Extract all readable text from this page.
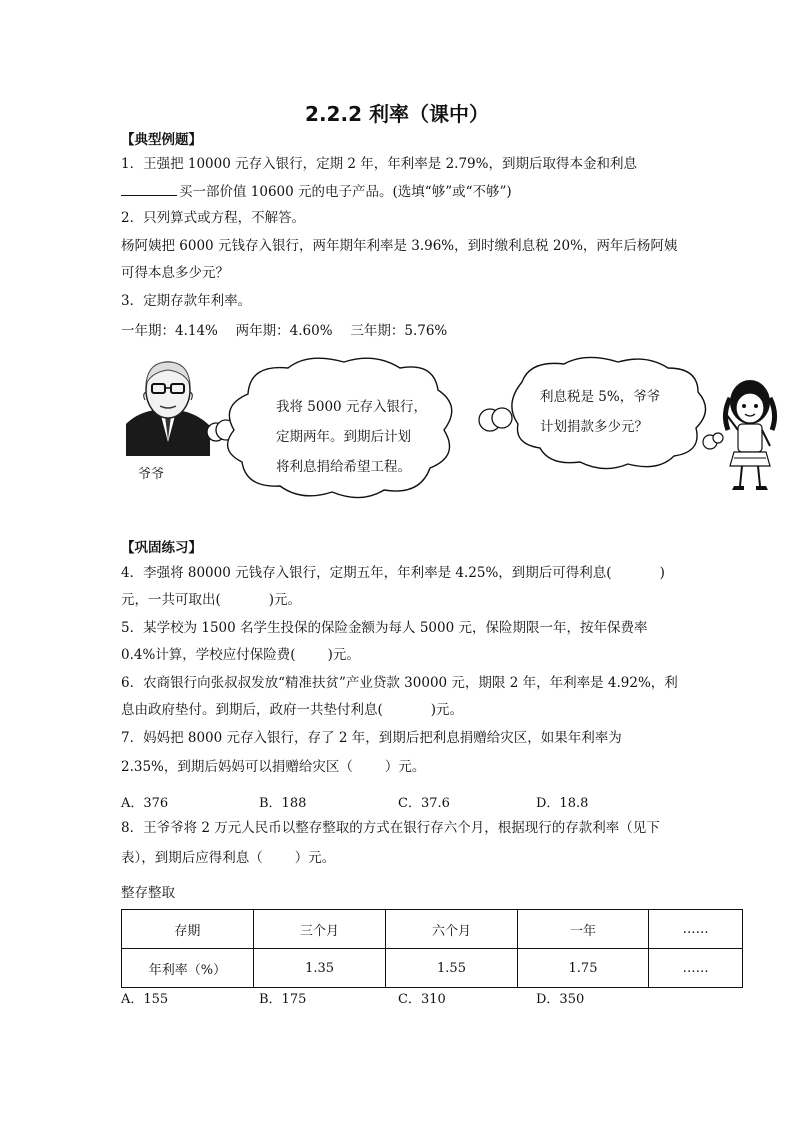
2.2.2 利率（课中）
【典型例题】
1．王强把 10000 元存入银行，定期 2 年，年利率是 2.79%，到期后取得本金和利息
买一部价值 10600 元的电子产品。(选填“够”或“不够”)
2．只列算式或方程，不解答。
杨阿姨把 6000 元钱存入银行，两年期年利率是 3.96%，到时缴利息税 20%，两年后杨阿姨
可得本息多少元？
3．定期存款年利率。
一年期：4.14%　 两年期：4.60%　 三年期：5.76%
爷爷
我将 5000 元存入银行，
定期两年。到期后计划
将利息捐给希望工程。
利息税是 5%，爷爷
计划捐款多少元？
【巩固练习】
4．李强将 80000 元钱存入银行，定期五年，年利率是 4.25%，到期后可得利息(	)
元，一共可取出(	)元。
5．某学校为 1500 名学生投保的保险金额为每人 5000 元，保险期限一年，按年保费率
0.4%计算，学校应付保险费( )元。
6．农商银行向张叔叔发放“精准扶贫”产业贷款 30000 元，期限 2 年，年利率是 4.92%，利
息由政府垫付。到期后，政府一共垫付利息(	)元。
7．妈妈把 8000 元存入银行，存了 2 年，到期后把利息捐赠给灾区，如果年利率为
2.35%，到期后妈妈可以捐赠给灾区（ ）元。
A．376	B．188	C．37.6	D．18.8
8．王爷爷将 2 万元人民币以整存整取的方式在银行存六个月，根据现行的存款利率（见下
表），到期后应得利息（ ）元。
整存整取
存期	三个月	六个月	一年	……
年利率（%）	1.35	1.55	1.75	……
A．155	B．175	C．310	D．350
